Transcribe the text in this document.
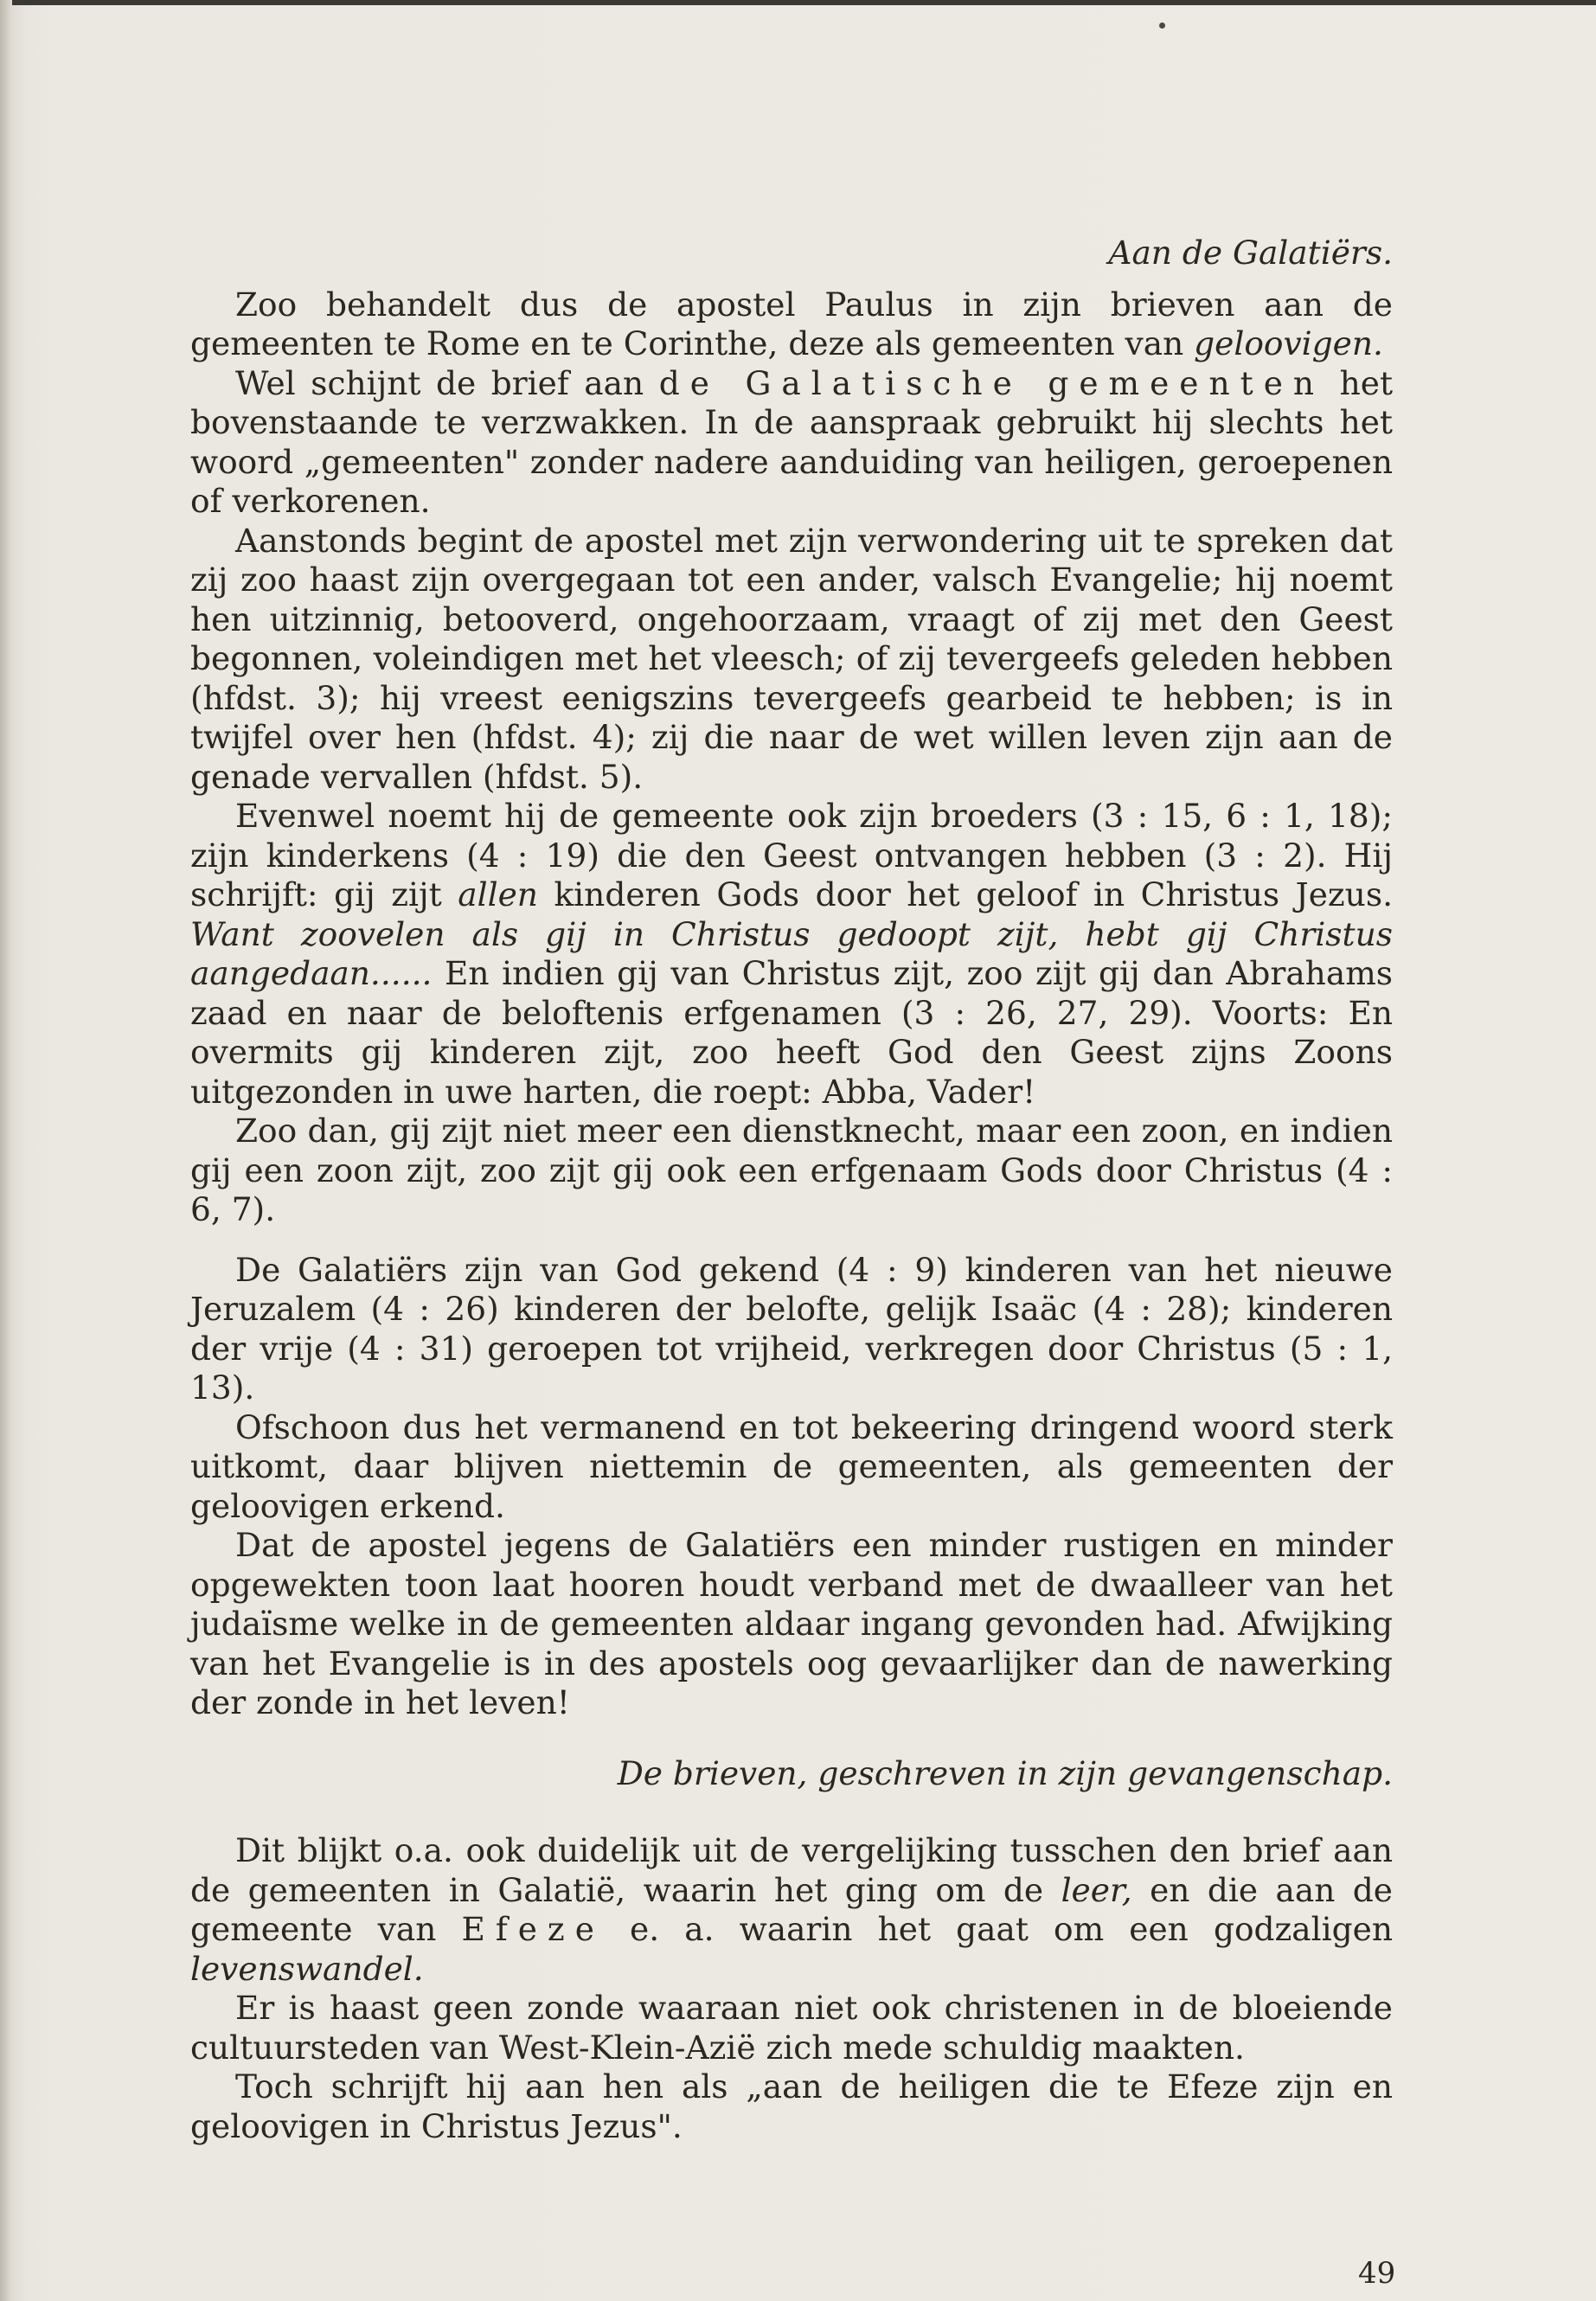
Aan de Galatiërs.

Zoo behandelt dus de apostel Paulus in zijn brieven aan de gemeenten te Rome en te Corinthe, deze als gemeenten van geloovigen.

Wel schijnt de brief aan de Galatische gemeenten het bovenstaande te verzwakken. In de aanspraak gebruikt hij slechts het woord „gemeenten" zonder nadere aanduiding van heiligen, geroepenen of verkorenen.

Aanstonds begint de apostel met zijn verwondering uit te spreken dat zij zoo haast zijn overgegaan tot een ander, valsch Evangelie; hij noemt hen uitzinnig, betooverd, ongehoorzaam, vraagt of zij met den Geest begonnen, voleindigen met het vleesch; of zij tevergeefs geleden hebben (hfdst. 3); hij vreest eenigszins tevergeefs gearbeid te hebben; is in twijfel over hen (hfdst. 4); zij die naar de wet willen leven zijn aan de genade vervallen (hfdst. 5).

Evenwel noemt hij de gemeente ook zijn broeders (3 : 15, 6 : 1, 18); zijn kinderkens (4 : 19) die den Geest ontvangen hebben (3 : 2). Hij schrijft: gij zijt allen kinderen Gods door het geloof in Christus Jezus. Want zoovelen als gij in Christus gedoopt zijt, hebt gij Christus aangedaan...... En indien gij van Christus zijt, zoo zijt gij dan Abrahams zaad en naar de beloftenis erfgenamen (3 : 26, 27, 29). Voorts: En overmits gij kinderen zijt, zoo heeft God den Geest zijns Zoons uitgezonden in uwe harten, die roept: Abba, Vader!

Zoo dan, gij zijt niet meer een dienstknecht, maar een zoon, en indien gij een zoon zijt, zoo zijt gij ook een erfgenaam Gods door Christus (4 : 6, 7).

De Galatiërs zijn van God gekend (4 : 9) kinderen van het nieuwe Jeruzalem (4 : 26) kinderen der belofte, gelijk Isaäc (4 : 28); kinderen der vrije (4 : 31) geroepen tot vrijheid, verkregen door Christus (5 : 1, 13).

Ofschoon dus het vermanend en tot bekeering dringend woord sterk uitkomt, daar blijven niettemin de gemeenten, als gemeenten der geloovigen erkend.

Dat de apostel jegens de Galatiërs een minder rustigen en minder opgewekten toon laat hooren houdt verband met de dwaalleer van het judaïsme welke in de gemeenten aldaar ingang gevonden had. Afwijking van het Evangelie is in des apostels oog gevaarlijker dan de nawerking der zonde in het leven!

De brieven, geschreven in zijn gevangenschap.

Dit blijkt o.a. ook duidelijk uit de vergelijking tusschen den brief aan de gemeenten in Galatië, waarin het ging om de leer, en die aan de gemeente van Efeze e. a. waarin het gaat om een godzaligen levenswandel.

Er is haast geen zonde waaraan niet ook christenen in de bloeiende cultuursteden van West-Klein-Azië zich mede schuldig maakten.

Toch schrijft hij aan hen als „aan de heiligen die te Efeze zijn en geloovigen in Christus Jezus".

49
